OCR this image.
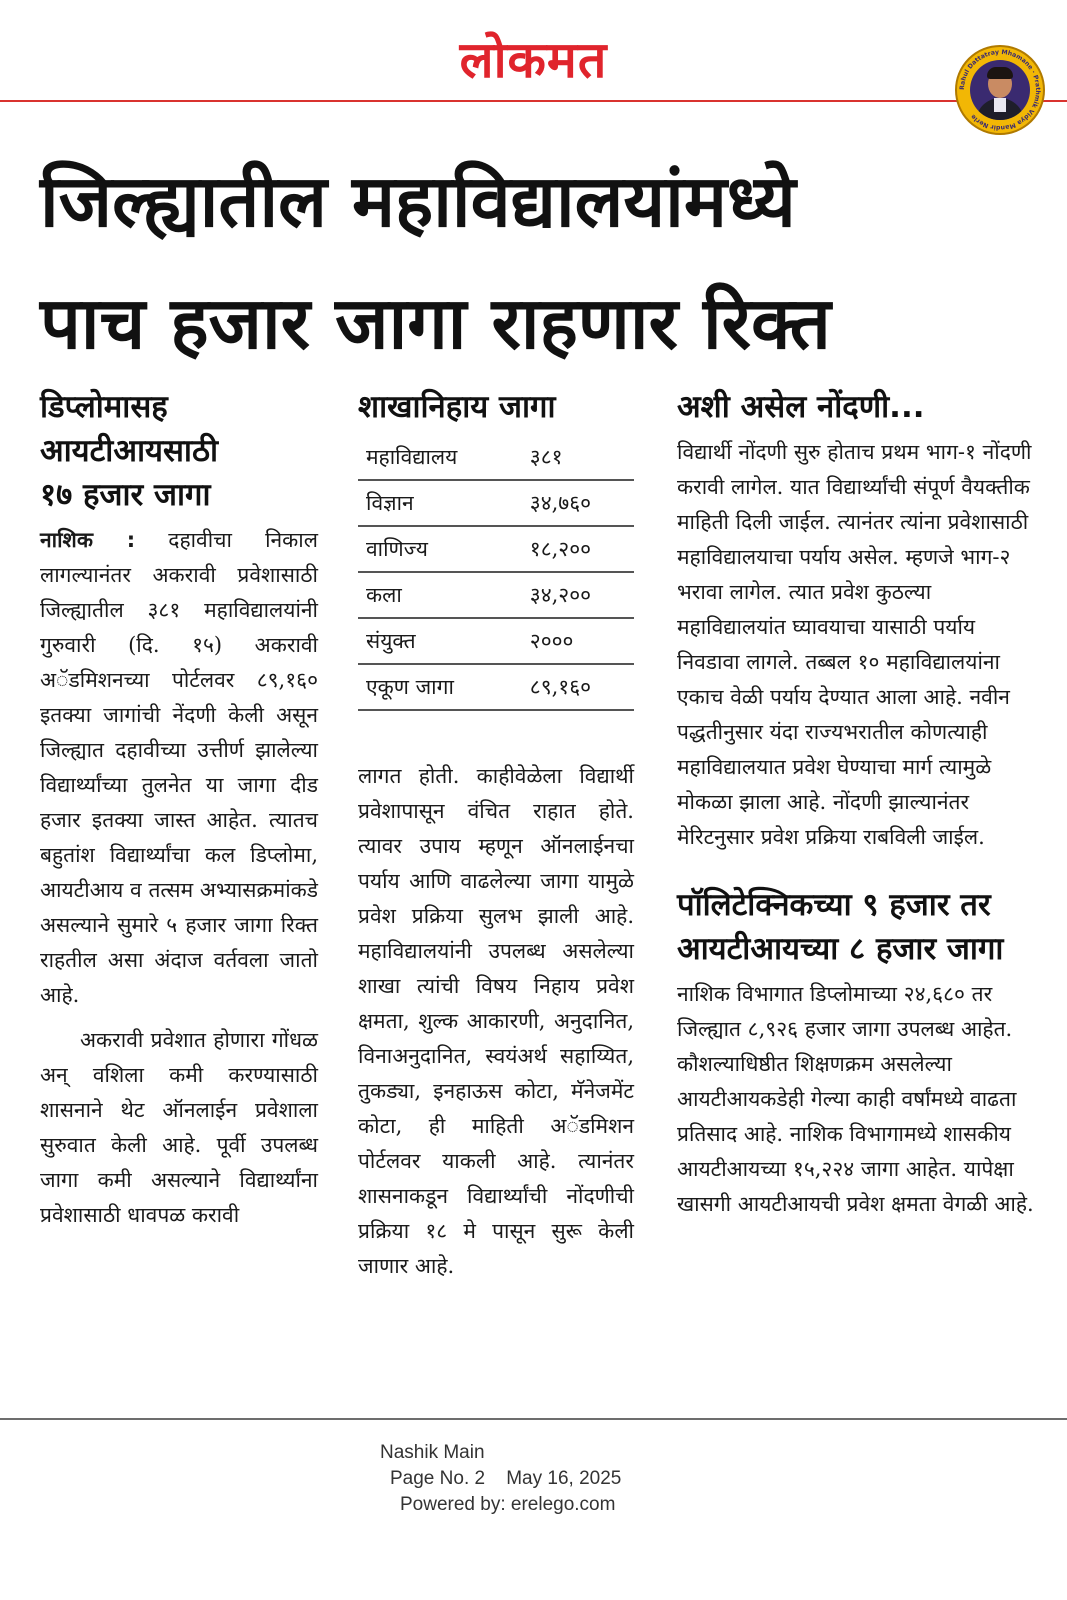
लोकमत	Rahul Dattatray Mhamane · Prathmik Vidya Mandir Nerle
जिल्ह्यातील महाविद्यालयांमध्ये
पाच हजार जागा राहणार रिक्त
डिप्लोमासह
आयटीआयसाठी
१७ हजार जागा

नाशिक : दहावीचा निकाल लागल्यानंतर अकरावी प्रवेशासाठी जिल्ह्यातील ३८१ महाविद्यालयांनी गुरुवारी (दि. १५) अकरावी अॅडमिशनच्या पोर्टलवर ८९,१६० इतक्या जागांची नेंदणी केली असून जिल्ह्यात दहावीच्या उत्तीर्ण झालेल्या विद्यार्थ्यांच्या तुलनेत या जागा दीड हजार इतक्या जास्त आहेत. त्यातच बहुतांश विद्यार्थ्यांचा कल डिप्लोमा, आयटीआय व तत्सम अभ्यासक्रमांकडे असल्याने सुमारे ५ हजार जागा रिक्त राहतील असा अंदाज वर्तवला जातो आहे.

अकरावी प्रवेशात होणारा गोंधळ अन् वशिला कमी करण्यासाठी शासनाने थेट ऑनलाईन प्रवेशाला सुरुवात केली आहे. पूर्वी उपलब्ध जागा कमी असल्याने विद्यार्थ्यांना प्रवेशासाठी धावपळ करावी

शाखानिहाय जागा
महाविद्यालय	३८१
विज्ञान	३४,७६०
वाणिज्य	१८,२००
कला	३४,२००
संयुक्त	२०००
एकूण जागा	८९,१६०

लागत होती. काहीवेळेला विद्यार्थी प्रवेशापासून वंचित राहात होते. त्यावर उपाय म्हणून ऑनलाईनचा पर्याय आणि वाढलेल्या जागा यामुळे प्रवेश प्रक्रिया सुलभ झाली आहे. महाविद्यालयांनी उपलब्ध असलेल्या शाखा त्यांची विषय निहाय प्रवेश क्षमता, शुल्क आकारणी, अनुदानित, विनाअनुदानित, स्वयंअर्थ सहाय्यित, तुकड्या, इनहाऊस कोटा, मॅनेजमेंट कोटा, ही माहिती अॅडमिशन पोर्टलवर याकली आहे. त्यानंतर शासनाकडून विद्यार्थ्यांची नोंदणीची प्रक्रिया १८ मे पासून सुरू केली जाणार आहे.

अशी असेल नोंदणी...

विद्यार्थी नोंदणी सुरु होताच प्रथम भाग-१ नोंदणी करावी लागेल. यात विद्यार्थ्यांची संपूर्ण वैयक्तीक माहिती दिली जाईल. त्यानंतर त्यांना प्रवेशासाठी महाविद्यालयाचा पर्याय असेल. म्हणजे भाग-२ भरावा लागेल. त्यात प्रवेश कुठल्या महाविद्यालयांत घ्यावयाचा यासाठी पर्याय निवडावा लागले. तब्बल १० महाविद्यालयांना एकाच वेळी पर्याय देण्यात आला आहे. नवीन पद्धतीनुसार यंदा राज्यभरातील कोणत्याही महाविद्यालयात प्रवेश घेण्याचा मार्ग त्यामुळे मोकळा झाला आहे. नोंदणी झाल्यानंतर मेरिटनुसार प्रवेश प्रक्रिया राबविली जाईल.

पॉलिटेक्निकच्या ९ हजार तर
आयटीआयच्या ८ हजार जागा

नाशिक विभागात डिप्लोमाच्या २४,६८० तर जिल्ह्यात ८,९२६ हजार जागा उपलब्ध आहेत. कौशल्याधिष्ठीत शिक्षणक्रम असलेल्या आयटीआयकडेही गेल्या काही वर्षांमध्ये वाढता प्रतिसाद आहे. नाशिक विभागामध्ये शासकीय आयटीआयच्या १५,२२४ जागा आहेत. यापेक्षा खासगी आयटीआयची प्रवेश क्षमता वेगळी आहे.

Nashik Main
Page No. 2 May 16, 2025
Powered by: erelego.com
